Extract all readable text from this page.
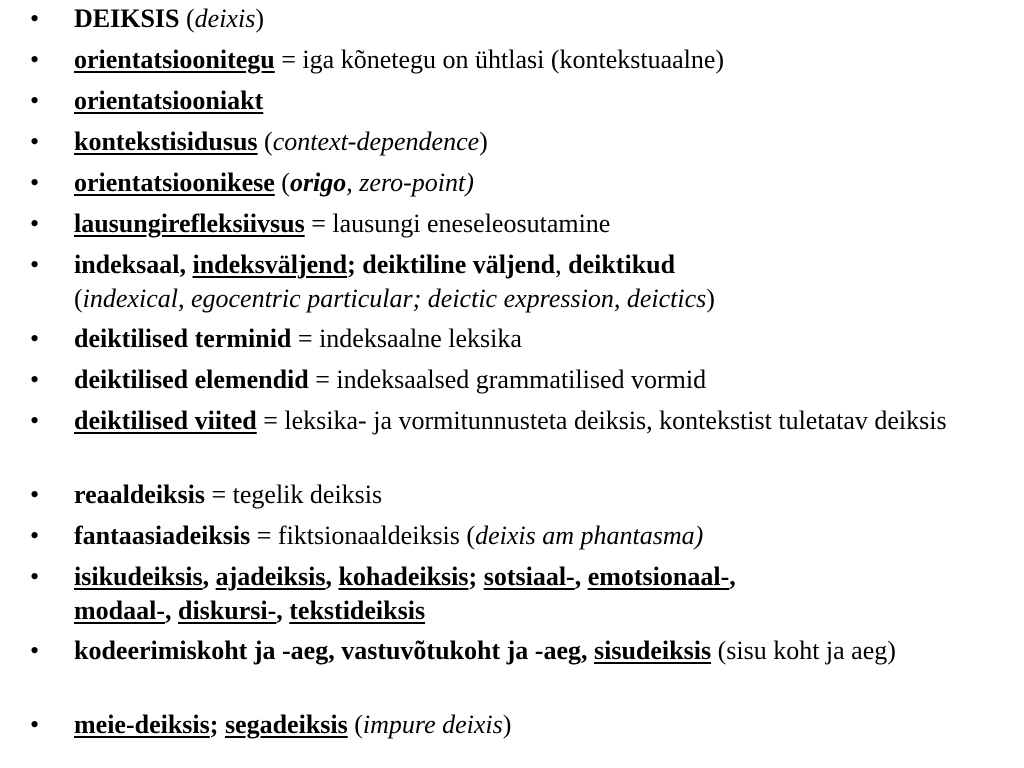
• DEIKSIS (deixis)
• orientatsioonitegu = iga kõnetegu on ühtlasi (kontekstuaalne)
• orientatsiooniakt
• kontekstisidusus (context-dependence)
• orientatsioonikese (origo, zero-point)
• lausungirefleksiivsus = lausungi eneseleosutamine
• indeksaal, indeksväljend; deiktiline väljend, deiktikud
(indexical, egocentric particular; deictic expression, deictics)
• deiktilised terminid = indeksaalne leksika
• deiktilised elemendid = indeksaalsed grammatilised vormid
• deiktilised viited = leksika- ja vormitunnusteta deiksis, kontekstist tuletatav deiksis
• reaaldeiksis = tegelik deiksis
• fantaasiadeiksis = fiktsionaaldeiksis (deixis am phantasma)
• isikudeiksis, ajadeiksis, kohadeiksis; sotsiaal-, emotsionaal-,
modaal-, diskursi-, tekstideiksis
• kodeerimiskoht ja -aeg, vastuvõtukoht ja -aeg, sisudeiksis (sisu koht ja aeg)
• meie-deiksis; segadeiksis (impure deixis)
